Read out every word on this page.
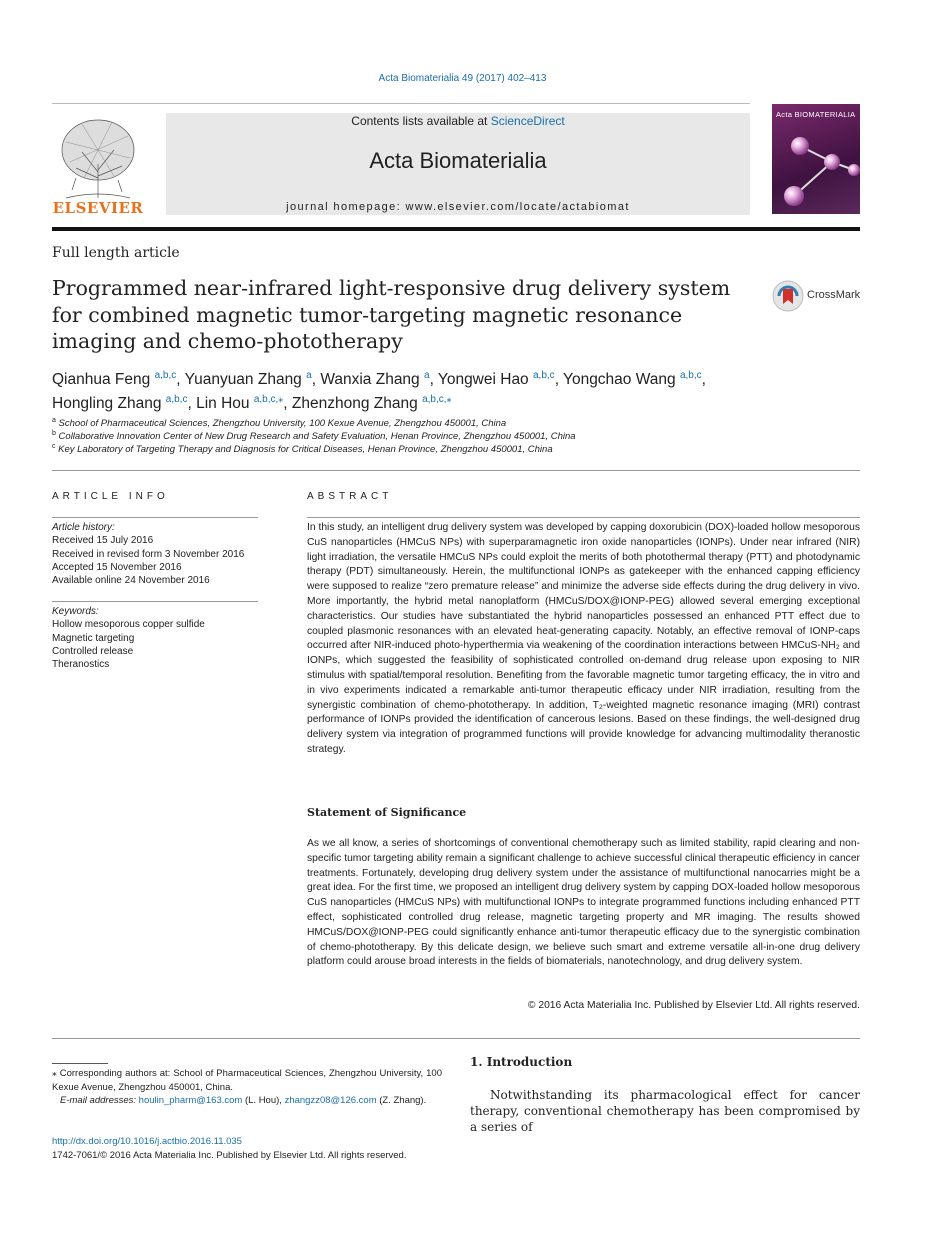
Acta Biomaterialia 49 (2017) 402–413
ELSEVIER
Contents lists available at ScienceDirect
Acta Biomaterialia
journal homepage: www.elsevier.com/locate/actabiomat
Acta BIOMATERIALIA
Full length article
Programmed near-infrared light-responsive drug delivery system for combined magnetic tumor-targeting magnetic resonance imaging and chemo-phototherapy
CrossMark
Qianhua Feng $^{a,b,c}$, Yuanyuan Zhang $^a$, Wanxia Zhang $^a$, Yongwei Hao $^{a,b,c}$, Yongchao Wang $^{a,b,c}$,
Hongling Zhang $^{a,b,c}$, Lin Hou $^{a,b,c,⁎}$, Zhenzhong Zhang $^{a,b,c,⁎}$
$^a$ School of Pharmaceutical Sciences, Zhengzhou University, 100 Kexue Avenue, Zhengzhou 450001, China
$^b$ Collaborative Innovation Center of New Drug Research and Safety Evaluation, Henan Province, Zhengzhou 450001, China
$^c$ Key Laboratory of Targeting Therapy and Diagnosis for Critical Diseases, Henan Province, Zhengzhou 450001, China
ARTICLE INFO
Article history:
Received 15 July 2016
Received in revised form 3 November 2016
Accepted 15 November 2016
Available online 24 November 2016
Keywords:
Hollow mesoporous copper sulfide
Magnetic targeting
Controlled release
Theranostics
ABSTRACT
In this study, an intelligent drug delivery system was developed by capping doxorubicin (DOX)-loaded hollow mesoporous CuS nanoparticles (HMCuS NPs) with superparamagnetic iron oxide nanoparticles (IONPs). Under near infrared (NIR) light irradiation, the versatile HMCuS NPs could exploit the merits of both photothermal therapy (PTT) and photodynamic therapy (PDT) simultaneously. Herein, the multifunctional IONPs as gatekeeper with the enhanced capping efficiency were supposed to realize “zero premature release” and minimize the adverse side effects during the drug delivery in vivo. More importantly, the hybrid metal nanoplatform (HMCuS/DOX@IONP-PEG) allowed several emerging exceptional characteristics. Our studies have substantiated the hybrid nanoparticles possessed an enhanced PTT effect due to coupled plasmonic resonances with an elevated heat-generating capacity. Notably, an effective removal of IONP-caps occurred after NIR-induced photo-hyperthermia via weakening of the coordination interactions between HMCuS-NH₂ and IONPs, which suggested the feasibility of sophisticated controlled on-demand drug release upon exposing to NIR stimulus with spatial/temporal resolution. Benefiting from the favorable magnetic tumor targeting efficacy, the in vitro and in vivo experiments indicated a remarkable anti-tumor therapeutic efficacy under NIR irradiation, resulting from the synergistic combination of chemo-phototherapy. In addition, T₂-weighted magnetic resonance imaging (MRI) contrast performance of IONPs provided the identification of cancerous lesions. Based on these findings, the well-designed drug delivery system via integration of programmed functions will provide knowledge for advancing multimodality theranostic strategy.
Statement of Significance
As we all know, a series of shortcomings of conventional chemotherapy such as limited stability, rapid clearing and non-specific tumor targeting ability remain a significant challenge to achieve successful clinical therapeutic efficiency in cancer treatments. Fortunately, developing drug delivery system under the assistance of multifunctional nanocarries might be a great idea. For the first time, we proposed an intelligent drug delivery system by capping DOX-loaded hollow mesoporous CuS nanoparticles (HMCuS NPs) with multifunctional IONPs to integrate programmed functions including enhanced PTT effect, sophisticated controlled drug release, magnetic targeting property and MR imaging. The results showed HMCuS/DOX@IONP-PEG could significantly enhance anti-tumor therapeutic efficacy due to the synergistic combination of chemo-phototherapy. By this delicate design, we believe such smart and extreme versatile all-in-one drug delivery platform could arouse broad interests in the fields of biomaterials, nanotechnology, and drug delivery system.
© 2016 Acta Materialia Inc. Published by Elsevier Ltd. All rights reserved.
⁎ Corresponding authors at: School of Pharmaceutical Sciences, Zhengzhou University, 100 Kexue Avenue, Zhengzhou 450001, China.
E-mail addresses: houlin_pharm@163.com (L. Hou), zhangzz08@126.com (Z. Zhang).
http://dx.doi.org/10.1016/j.actbio.2016.11.035
1742-7061/© 2016 Acta Materialia Inc. Published by Elsevier Ltd. All rights reserved.
1. Introduction
Notwithstanding its pharmacological effect for cancer therapy, conventional chemotherapy has been compromised by a series of
